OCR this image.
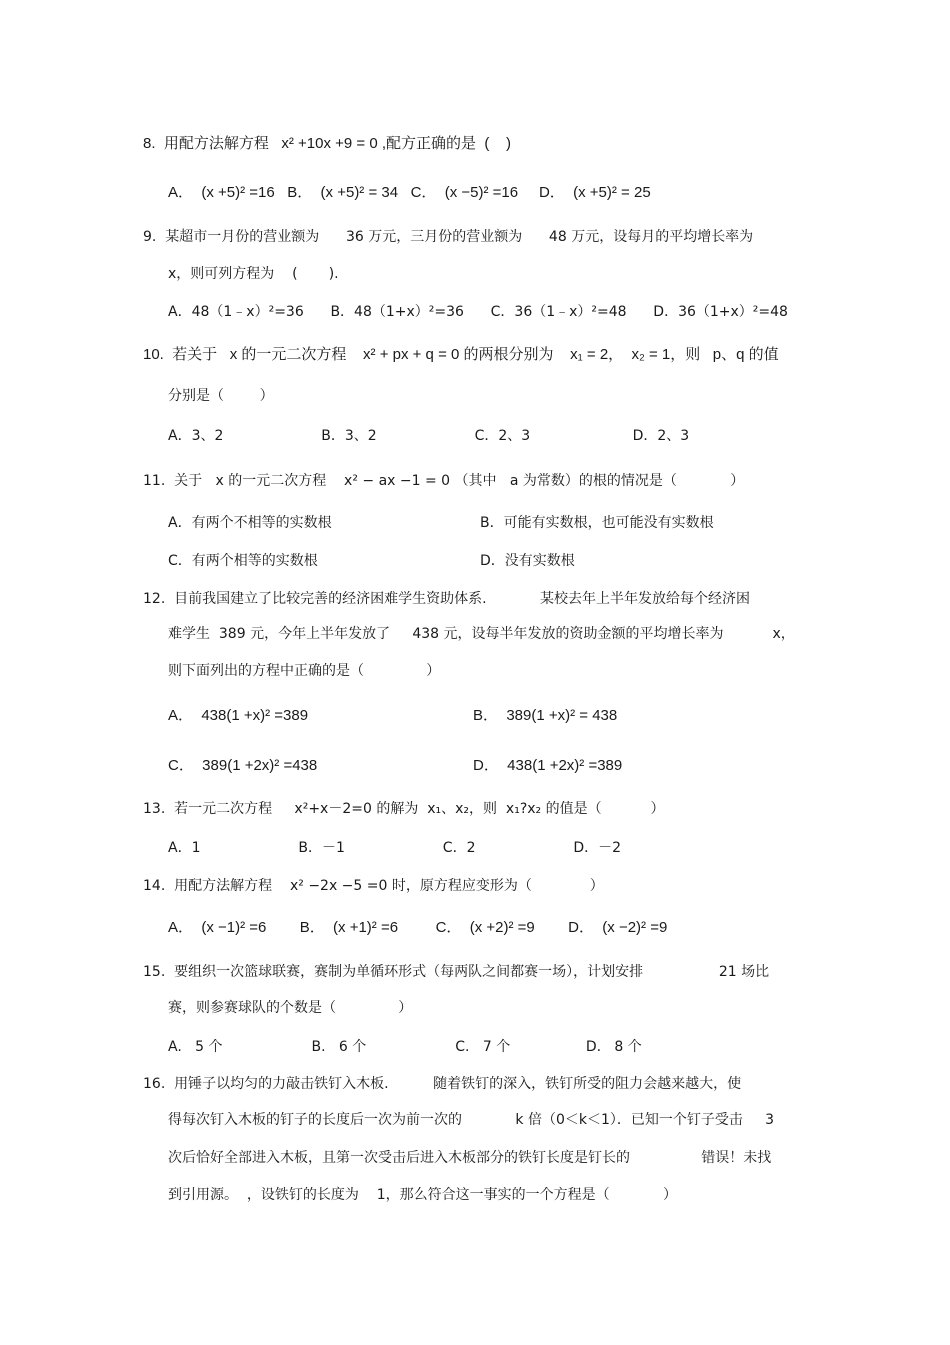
8.  用配方法解方程   x² +10x +9 = 0 ,配方正确的是  (    )
A．  (x +5)² =16   B．  (x +5)² = 34   C．  (x −5)² =16     D．  (x +5)² = 25
9.  某超市一月份的营业额为      36 万元，三月份的营业额为      48 万元，设每月的平均增长率为
x，则可列方程为    (       ).
A．48（1﹣x）²=36      B．48（1+x）²=36      C．36（1﹣x）²=48      D．36（1+x）²=48
10.  若关于   x 的一元二次方程    x² + px + q = 0 的两根分别为    x₁ = 2，  x₂ = 1，则   p、q 的值
分别是（        ）
A．3、2                      B．3、2                      C．2、3                       D．2、3
11.  关于   x 的一元二次方程    x² − ax −1 = 0 （其中   a 为常数）的根的情况是（            ）
A．有两个不相等的实数根	B．可能有实数根，也可能没有实数根
C．有两个相等的实数根	D．没有实数根
12.  目前我国建立了比较完善的经济困难学生资助体系.            某校去年上半年发放给每个经济困
难学生  389 元，今年上半年发放了     438 元，设每半年发放的资助金额的平均增长率为           x，
则下面列出的方程中正确的是（              ）
A．  438(1 +x)² =389	B．  389(1 +x)² = 438
C．  389(1 +2x)² =438	D．  438(1 +2x)² =389
13.  若一元二次方程     x²+x－2=0 的解为  x₁、x₂，则  x₁?x₂ 的值是（           ）
A．1                      B．－1                      C．2                      D．－2
14.  用配方法解方程    x² −2x −5 =0 时，原方程应变形为（             ）
A．  (x −1)² =6        B．  (x +1)² =6         C．  (x +2)² =9        D．  (x −2)² =9
15.  要组织一次篮球联赛，赛制为单循环形式（每两队之间都赛一场），计划安排                 21 场比
赛，则参赛球队的个数是（              ）
A.   5 个                    B.   6 个                    C.   7 个                 D.   8 个
16.  用锤子以均匀的力敲击铁钉入木板.          随着铁钉的深入，铁钉所受的阻力会越来越大，使
得每次钉入木板的钉子的长度后一次为前一次的            k 倍（0＜k＜1）．已知一个钉子受击     3
次后恰好全部进入木板，且第一次受击后进入木板部分的铁钉长度是钉长的                错误！未找
到引用源。  ，设铁钉的长度为    1，那么符合这一事实的一个方程是（            ）
